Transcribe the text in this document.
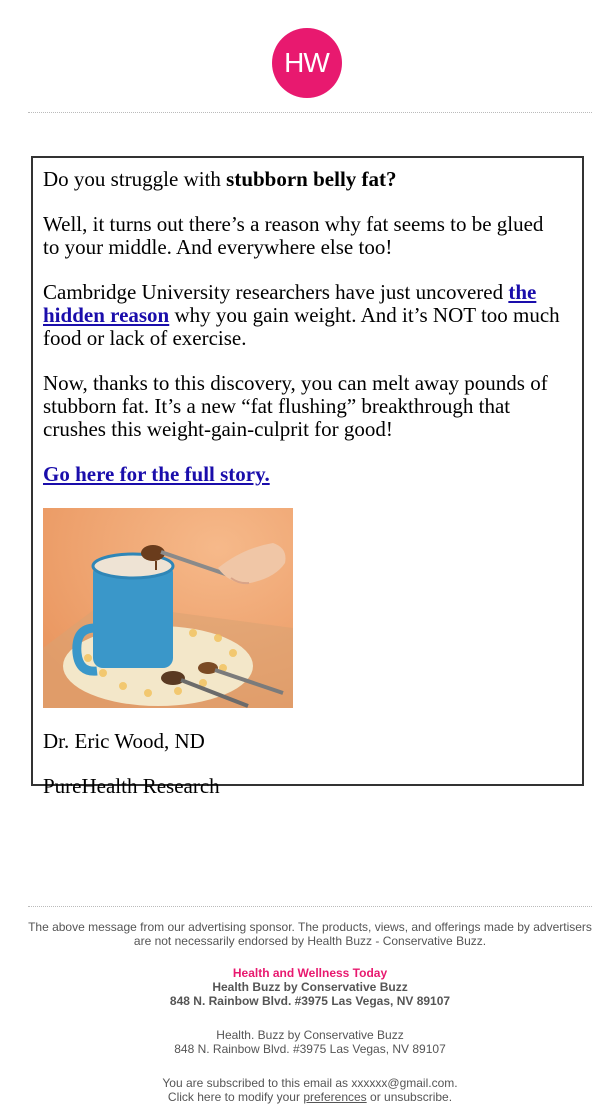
HW

Do you struggle with stubborn belly fat?

Well, it turns out there’s a reason why fat seems to be glued to your middle. And everywhere else too!

Cambridge University researchers have just uncovered the hidden reason why you gain weight. And it’s NOT too much food or lack of exercise.

Now, thanks to this discovery, you can melt away pounds of stubborn fat. It’s a new “fat flushing” breakthrough that crushes this weight-gain-culprit for good!

Go here for the full story.

Dr. Eric Wood, ND

PureHealth Research

The above message from our advertising sponsor. The products, views, and offerings made by advertisers are not necessarily endorsed by Health Buzz - Conservative Buzz.
Health and Wellness Today
Health Buzz by Conservative Buzz
848 N. Rainbow Blvd. #3975 Las Vegas, NV 89107
Health. Buzz by Conservative Buzz
848 N. Rainbow Blvd. #3975 Las Vegas, NV 89107
You are subscribed to this email as xxxxxx@gmail.com.
Click here to modify your preferences or unsubscribe.
